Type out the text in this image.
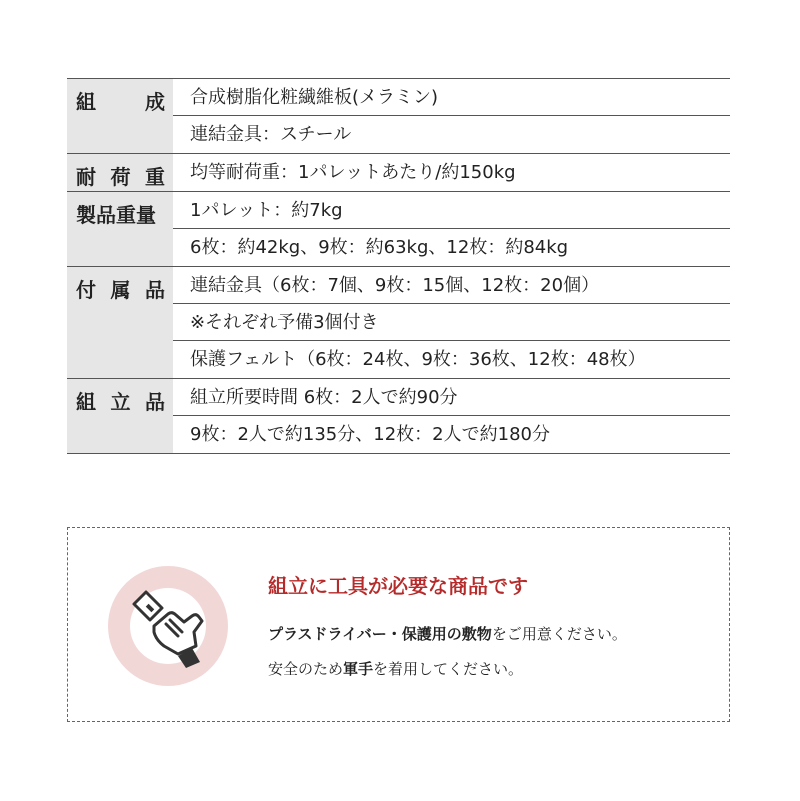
組 成	合成樹脂化粧繊維板(メラミン)
連結金具：スチール
耐 荷 重	均等耐荷重：1パレットあたり/約150kg
製品重量	1パレット：約7kg
6枚：約42kg、9枚：約63kg、12枚：約84kg
付 属 品	連結金具（6枚：7個、9枚：15個、12枚：20個）
※それぞれ予備3個付き
保護フェルト（6枚：24枚、9枚：36枚、12枚：48枚）
組 立 品	組立所要時間 6枚：2人で約90分
9枚：2人で約135分、12枚：2人で約180分
組立に工具が必要な商品です
プラスドライバー・保護用の敷物をご用意ください。
安全のため軍手を着用してください。
